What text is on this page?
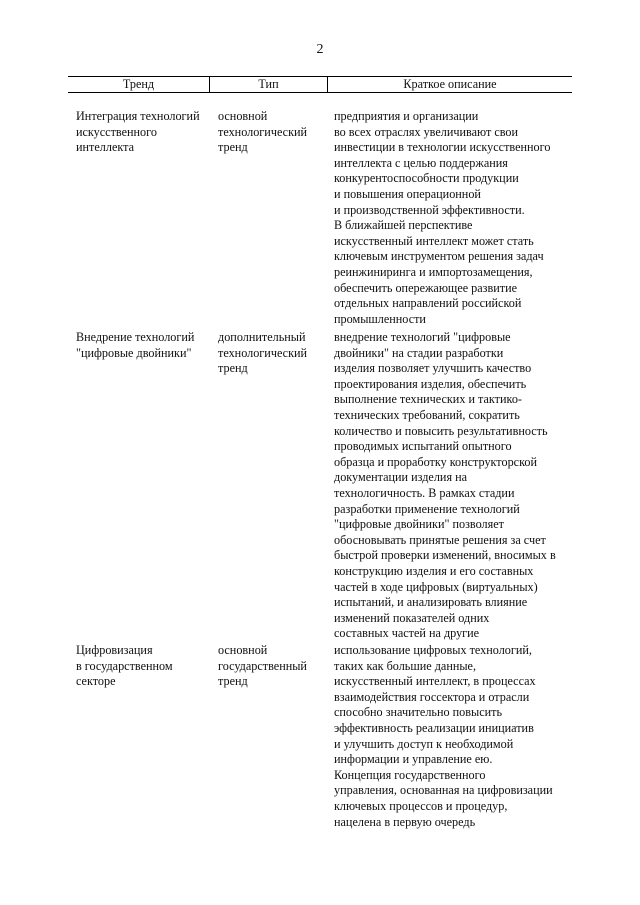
2
Тренд	Тип	Краткое описание
Интеграция технологий
искусственного
интеллекта
основной
технологический
тренд
предприятия и организации
во всех отраслях увеличивают свои
инвестиции в технологии искусственного
интеллекта с целью поддержания
конкурентоспособности продукции
и повышения операционной
и производственной эффективности.
В ближайшей перспективе
искусственный интеллект может стать
ключевым инструментом решения задач
реинжиниринга и импортозамещения,
обеспечить опережающее развитие
отдельных направлений российской
промышленности
Внедрение технологий
"цифровые двойники"
дополнительный
технологический
тренд
внедрение технологий "цифровые
двойники" на стадии разработки
изделия позволяет улучшить качество
проектирования изделия, обеспечить
выполнение технических и тактико-
технических требований, сократить
количество и повысить результативность
проводимых испытаний опытного
образца и проработку конструкторской
документации изделия на
технологичность. В рамках стадии
разработки применение технологий
"цифровые двойники" позволяет
обосновывать принятые решения за счет
быстрой проверки изменений, вносимых в
конструкцию изделия и его составных
частей в ходе цифровых (виртуальных)
испытаний, и анализировать влияние
изменений показателей одних
составных частей на другие
Цифровизация
в государственном
секторе
основной
государственный
тренд
использование цифровых технологий,
таких как большие данные,
искусственный интеллект, в процессах
взаимодействия госсектора и отрасли
способно значительно повысить
эффективность реализации инициатив
и улучшить доступ к необходимой
информации и управление ею.
Концепция государственного
управления, основанная на цифровизации
ключевых процессов и процедур,
нацелена в первую очередь
